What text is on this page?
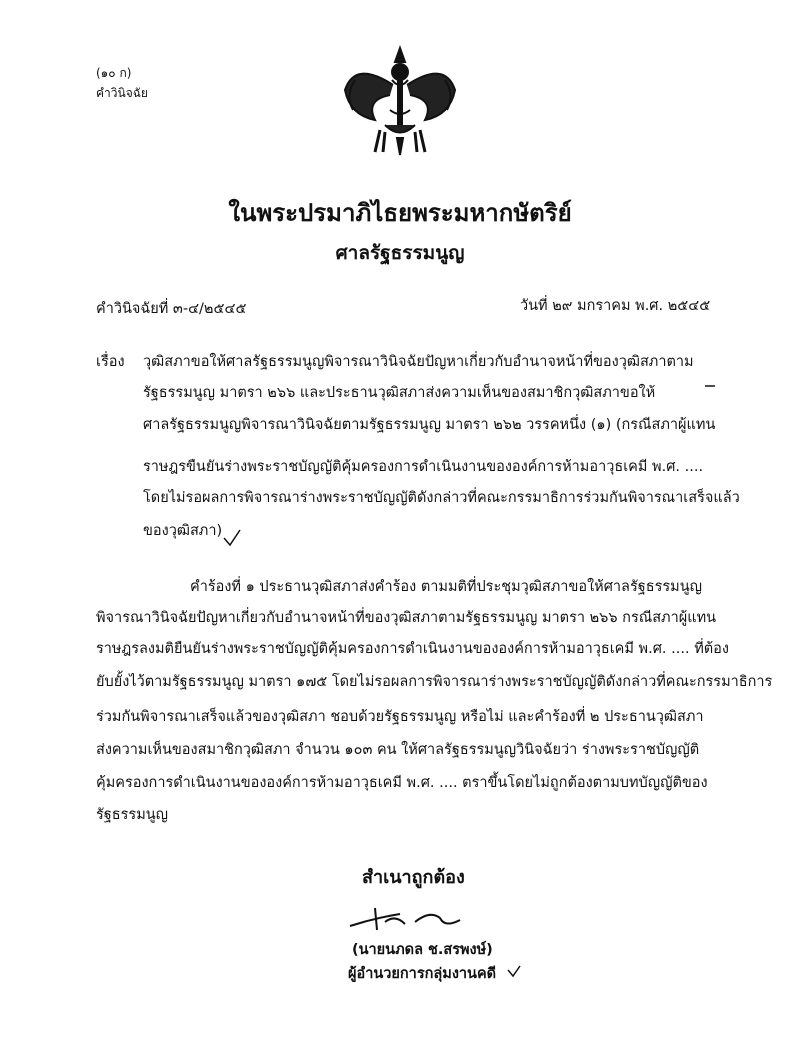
(๑๐ ก)
คำวินิจฉัย
ในพระปรมาภิไธยพระมหากษัตริย์
ศาลรัฐธรรมนูญ
คำวินิจฉัยที่ ๓-๔/๒๕๔๕	วันที่ ๒๙ มกราคม พ.ศ. ๒๕๔๕
เรื่อง วุฒิสภาขอให้ศาลรัฐธรรมนูญพิจารณาวินิจฉัยปัญหาเกี่ยวกับอำนาจหน้าที่ของวุฒิสภาตาม
รัฐธรรมนูญ มาตรา ๒๖๖ และประธานวุฒิสภาส่งความเห็นของสมาชิกวุฒิสภาขอให้
ศาลรัฐธรรมนูญพิจารณาวินิจฉัยตามรัฐธรรมนูญ มาตรา ๒๖๒ วรรคหนึ่ง (๑) (กรณีสภาผู้แทน
ราษฎรขืนยันร่างพระราชบัญญัติคุ้มครองการดำเนินงานขององค์การห้ามอาวุธเคมี พ.ศ. ....
โดยไม่รอผลการพิจารณาร่างพระราชบัญญัติดังกล่าวที่คณะกรรมาธิการร่วมกันพิจารณาเสร็จแล้ว
ของวุฒิสภา)
คำร้องที่ ๑ ประธานวุฒิสภาส่งคำร้อง ตามมติที่ประชุมวุฒิสภาขอให้ศาลรัฐธรรมนูญ
พิจารณาวินิจฉัยปัญหาเกี่ยวกับอำนาจหน้าที่ของวุฒิสภาตามรัฐธรรมนูญ มาตรา ๒๖๖ กรณีสภาผู้แทน
ราษฎรลงมติยืนยันร่างพระราชบัญญัติคุ้มครองการดำเนินงานขององค์การห้ามอาวุธเคมี พ.ศ. .... ที่ต้อง
ยับยั้งไว้ตามรัฐธรรมนูญ มาตรา ๑๗๕ โดยไม่รอผลการพิจารณาร่างพระราชบัญญัติดังกล่าวที่คณะกรรมาธิการ
ร่วมกันพิจารณาเสร็จแล้วของวุฒิสภา ชอบด้วยรัฐธรรมนูญ หรือไม่ และคำร้องที่ ๒ ประธานวุฒิสภา
ส่งความเห็นของสมาชิกวุฒิสภา จำนวน ๑๐๓ คน ให้ศาลรัฐธรรมนูญวินิจฉัยว่า ร่างพระราชบัญญัติ
คุ้มครองการดำเนินงานขององค์การห้ามอาวุธเคมี พ.ศ. .... ตราขึ้นโดยไม่ถูกต้องตามบทบัญญัติของ
รัฐธรรมนูญ
สำเนาถูกต้อง
(นายนภดล ช.สรพงษ์)
ผู้อำนวยการกลุ่มงานคดี
